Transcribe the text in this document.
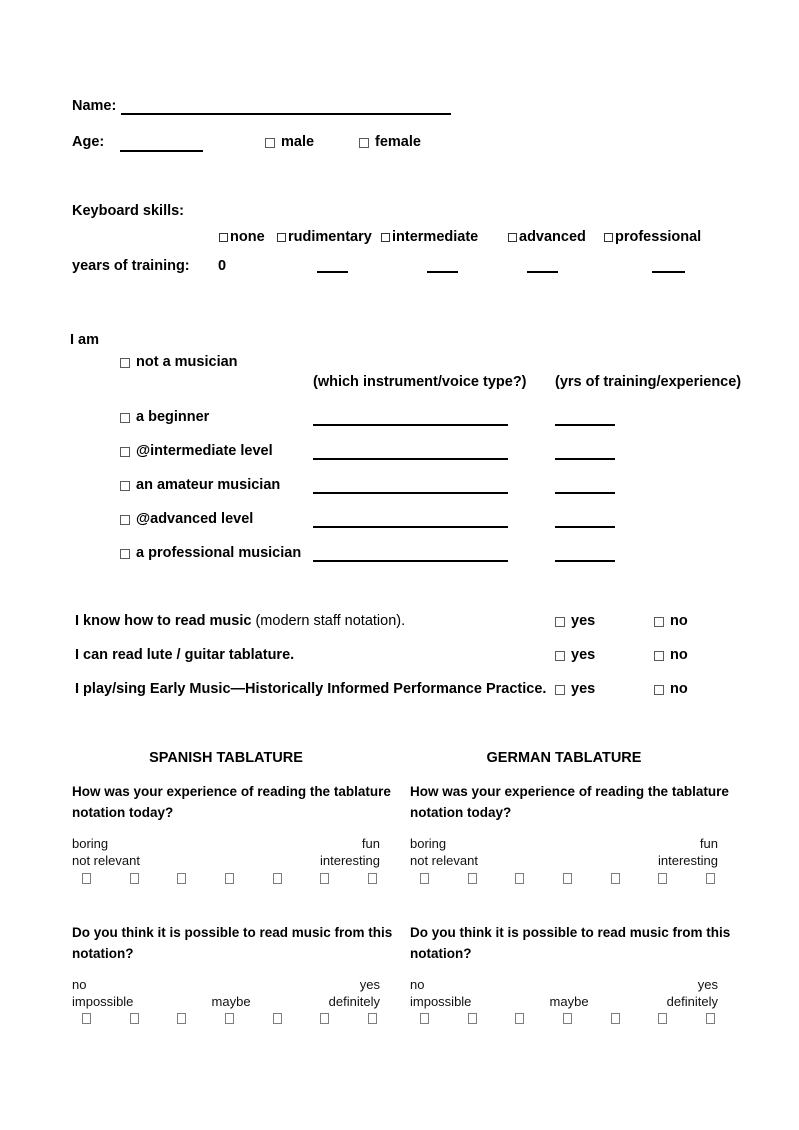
Name:
Age:	male	female
Keyboard skills:
none rudimentary intermediate	advanced professional
years of training: 0
I am
not a musician
(which instrument/voice type?) (yrs of training/experience)
a beginner
@intermediate level
an amateur musician
@advanced level
a professional musician
I know how to read music (modern staff notation).	yes	no
I can read lute / guitar tablature.	yes	no
I play/sing Early Music—Historically Informed Performance Practice. yes	no
SPANISH TABLATURE
How was your experience of reading the tablature
notation today?
boring
not relevant
fun
interesting
Do you think it is possible to read music from this
notation?
no
impossible	maybe
yes
definitely
GERMAN TABLATURE
How was your experience of reading the tablature
notation today?
boring
not relevant
fun
interesting
Do you think it is possible to read music from this
notation?
no
impossible	maybe
yes
definitely
